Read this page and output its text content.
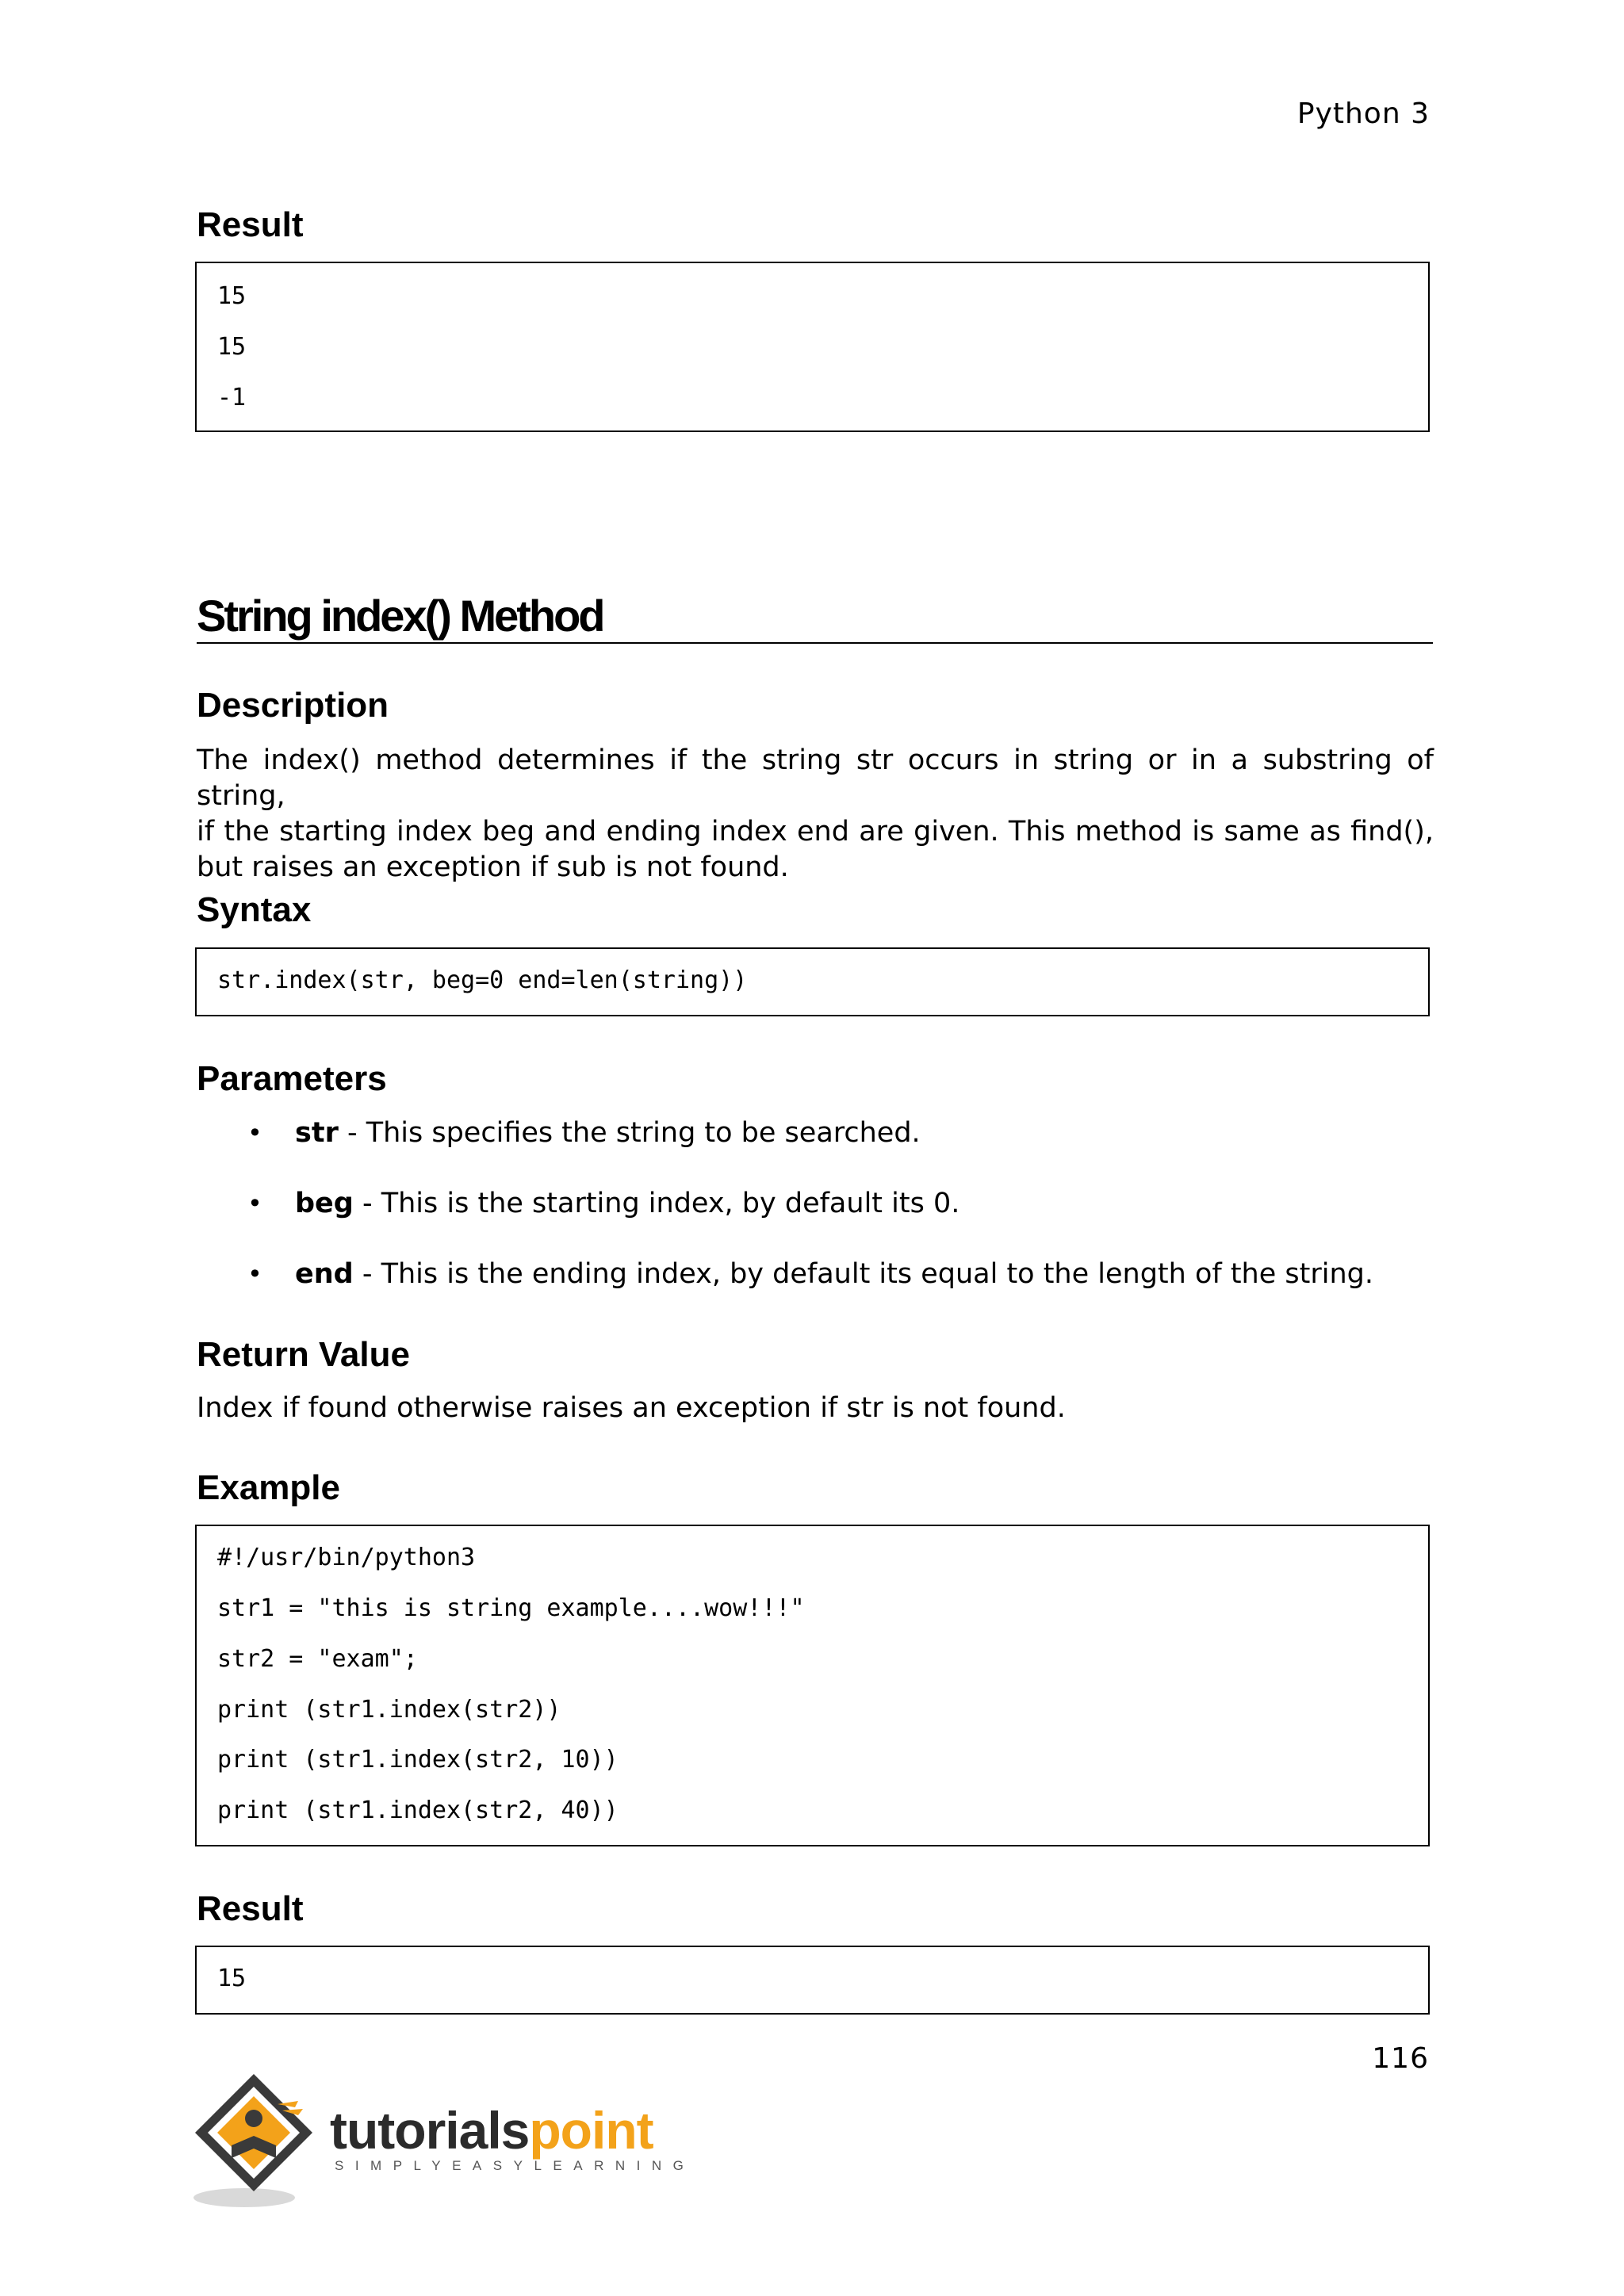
Python 3
Result
15
15
-1
String index() Method
Description
The index() method determines if the string str occurs in string or in a substring of string,
if the starting index beg and ending index end are given. This method is same as find(),
but raises an exception if sub is not found.
Syntax
str.index(str, beg=0 end=len(string))
Parameters
• str - This specifies the string to be searched.
• beg - This is the starting index, by default its 0.
• end - This is the ending index, by default its equal to the length of the string.
Return Value
Index if found otherwise raises an exception if str is not found.
Example
#!/usr/bin/python3
str1 = "this is string example....wow!!!"
str2 = "exam";
print (str1.index(str2))
print (str1.index(str2, 10))
print (str1.index(str2, 40))
Result
15
116
tutorialspoint
SIMPLYEASYLEARNING
